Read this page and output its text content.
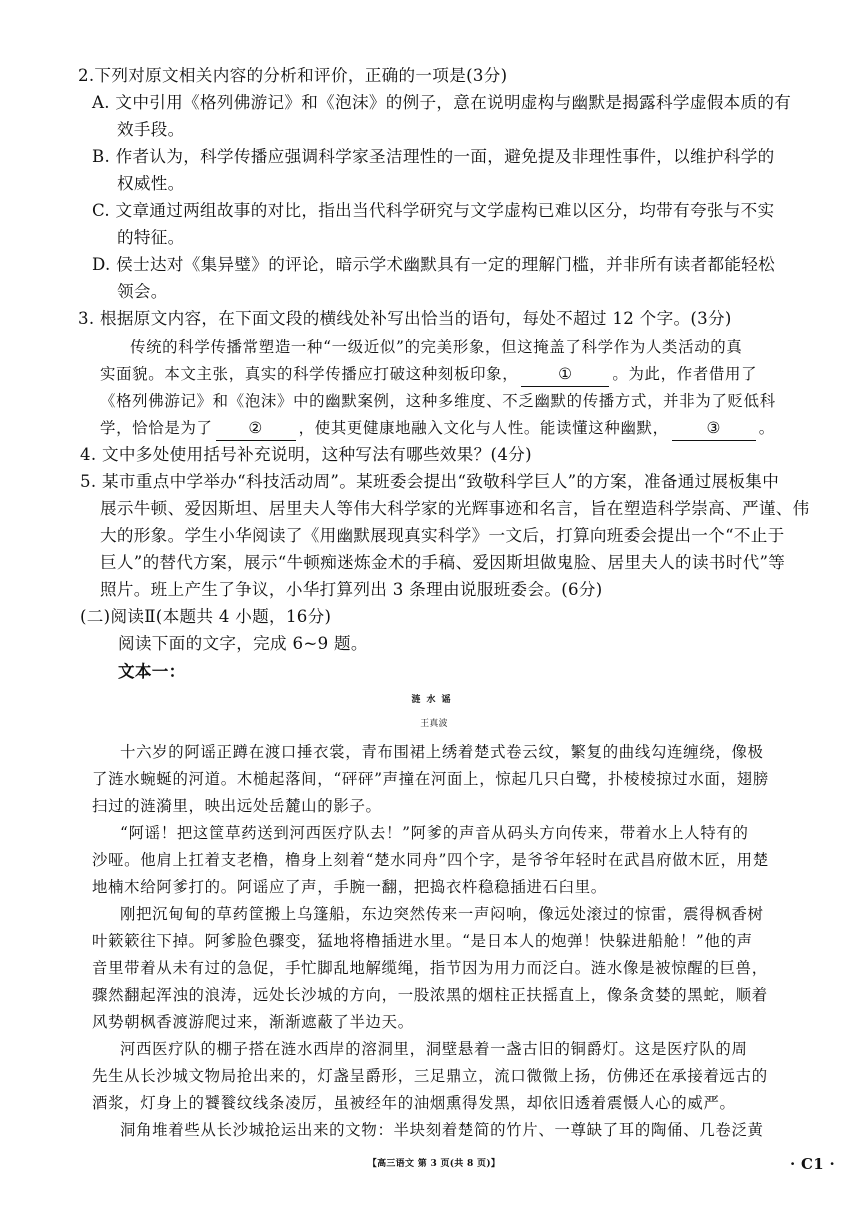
2.下列对原文相关内容的分析和评价，正确的一项是(3分)
A. 文中引用《格列佛游记》和《泡沫》的例子，意在说明虚构与幽默是揭露科学虚假本质的有
效手段。
B. 作者认为，科学传播应强调科学家圣洁理性的一面，避免提及非理性事件，以维护科学的
权威性。
C. 文章通过两组故事的对比，指出当代科学研究与文学虚构已难以区分，均带有夸张与不实
的特征。
D. 侯士达对《集异璧》的评论，暗示学术幽默具有一定的理解门槛，并非所有读者都能轻松
领会。
3. 根据原文内容，在下面文段的横线处补写出恰当的语句，每处不超过 12 个字。(3分)
传统的科学传播常塑造一种“一级近似”的完美形象，但这掩盖了科学作为人类活动的真
实面貌。本文主张，真实的科学传播应打破这种刻板印象，	①	。为此，作者借用了
《格列佛游记》和《泡沫》中的幽默案例，这种多维度、不乏幽默的传播方式，并非为了贬低科
学，恰恰是为了 ② ，使其更健康地融入文化与人性。能读懂这种幽默， ③ 。
4. 文中多处使用括号补充说明，这种写法有哪些效果？(4分)
5. 某市重点中学举办“科技活动周”。某班委会提出“致敬科学巨人”的方案，准备通过展板集中
展示牛顿、爱因斯坦、居里夫人等伟大科学家的光辉事迹和名言，旨在塑造科学崇高、严谨、伟
大的形象。学生小华阅读了《用幽默展现真实科学》一文后，打算向班委会提出一个“不止于
巨人”的替代方案，展示“牛顿痴迷炼金术的手稿、爱因斯坦做鬼脸、居里夫人的读书时代”等
照片。班上产生了争议，小华打算列出 3 条理由说服班委会。(6分)
(二)阅读Ⅱ(本题共 4 小题，16分)
阅读下面的文字，完成 6~9 题。
文本一：
涟水谣
王真波
十六岁的阿谣正蹲在渡口捶衣裳，青布围裙上绣着楚式卷云纹，繁复的曲线勾连缠绕，像极
了涟水蜿蜒的河道。木槌起落间，“砰砰”声撞在河面上，惊起几只白鹭，扑棱棱掠过水面，翅膀
扫过的涟漪里，映出远处岳麓山的影子。
“阿谣！把这筐草药送到河西医疗队去！”阿爹的声音从码头方向传来，带着水上人特有的
沙哑。他肩上扛着支老橹，橹身上刻着“楚水同舟”四个字，是爷爷年轻时在武昌府做木匠，用楚
地楠木给阿爹打的。阿谣应了声，手腕一翻，把捣衣杵稳稳插进石臼里。
刚把沉甸甸的草药筐搬上乌篷船，东边突然传来一声闷响，像远处滚过的惊雷，震得枫香树
叶簌簌往下掉。阿爹脸色骤变，猛地将橹插进水里。“是日本人的炮弹！快躲进船舱！”他的声
音里带着从未有过的急促，手忙脚乱地解缆绳，指节因为用力而泛白。涟水像是被惊醒的巨兽，
骤然翻起浑浊的浪涛，远处长沙城的方向，一股浓黑的烟柱正扶摇直上，像条贪婪的黑蛇，顺着
风势朝枫香渡游爬过来，渐渐遮蔽了半边天。
河西医疗队的棚子搭在涟水西岸的溶洞里，洞壁悬着一盏古旧的铜爵灯。这是医疗队的周
先生从长沙城文物局抢出来的，灯盏呈爵形，三足鼎立，流口微微上扬，仿佛还在承接着远古的
酒浆，灯身上的饕餮纹线条凌厉，虽被经年的油烟熏得发黑，却依旧透着震慑人心的威严。
洞角堆着些从长沙城抢运出来的文物：半块刻着楚简的竹片、一尊缺了耳的陶俑、几卷泛黄
【高三语文 第 3 页(共 8 页)】	· C1 ·
